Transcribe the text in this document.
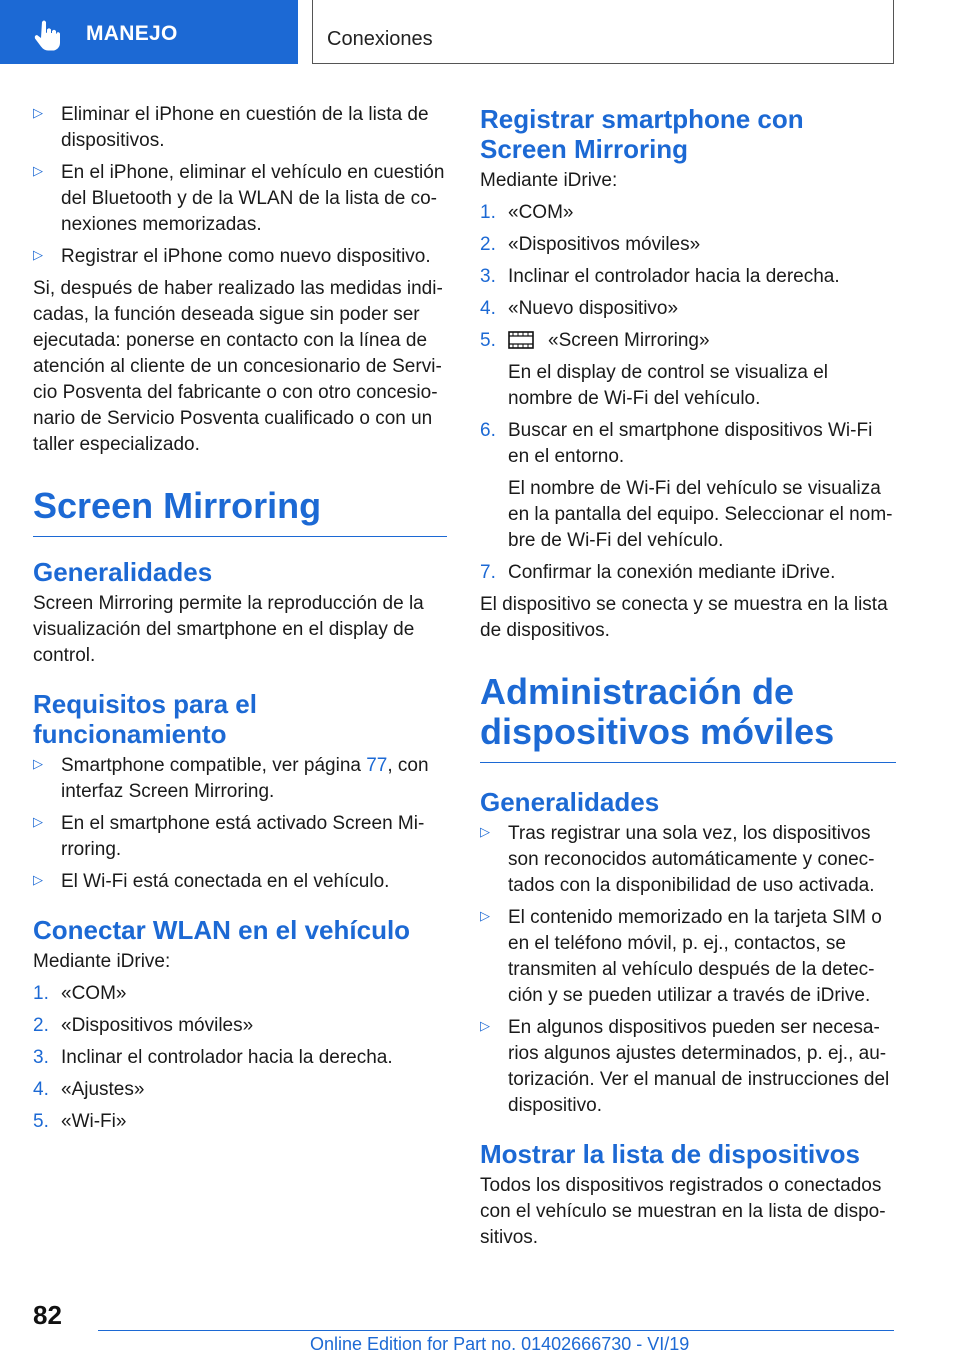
MANEJO	Conexiones
▷ Eliminar el iPhone en cuestión de la lista de dispositivos.
▷ En el iPhone, eliminar el vehículo en cuestión del Bluetooth y de la WLAN de la lista de conexiones memorizadas.
▷ Registrar el iPhone como nuevo dispositivo.

Si, después de haber realizado las medidas indicadas, la función deseada sigue sin poder ser ejecutada: ponerse en contacto con la línea de atención al cliente de un concesionario de Servicio Posventa del fabricante o con otro concesionario de Servicio Posventa cualificado o con un taller especializado.

Screen Mirroring
Generalidades

Screen Mirroring permite la reproducción de la visualización del smartphone en el display de control.

Requisitos para el funcionamiento
▷ Smartphone compatible, ver página 77, con interfaz Screen Mirroring.
▷ En el smartphone está activado Screen Mirroring.
▷ El Wi-Fi está conectada en el vehículo.
Conectar WLAN en el vehículo

Mediante iDrive:

1. «COM»
2. «Dispositivos móviles»
3. Inclinar el controlador hacia la derecha.
4. «Ajustes»
5. «Wi-Fi»
Registrar smartphone con Screen Mirroring

Mediante iDrive:

1. «COM»
2. «Dispositivos móviles»
3. Inclinar el controlador hacia la derecha.
4. «Nuevo dispositivo»
5.	«Screen Mirroring»

En el display de control se visualiza el nombre de Wi-Fi del vehículo.

6. Buscar en el smartphone dispositivos Wi-Fi en el entorno.

El nombre de Wi-Fi del vehículo se visualiza en la pantalla del equipo. Seleccionar el nombre de Wi-Fi del vehículo.

7. Confirmar la conexión mediante iDrive.

El dispositivo se conecta y se muestra en la lista de dispositivos.

Administración de dispositivos móviles
Generalidades
▷ Tras registrar una sola vez, los dispositivos son reconocidos automáticamente y conectados con la disponibilidad de uso activada.
▷ El contenido memorizado en la tarjeta SIM o en el teléfono móvil, p. ej., contactos, se transmiten al vehículo después de la detección y se pueden utilizar a través de iDrive.
▷ En algunos dispositivos pueden ser necesarios algunos ajustes determinados, p. ej., autorización. Ver el manual de instrucciones del dispositivo.
Mostrar la lista de dispositivos

Todos los dispositivos registrados o conectados con el vehículo se muestran en la lista de dispositivos.

82
Online Edition for Part no. 01402666730 - VI/19
